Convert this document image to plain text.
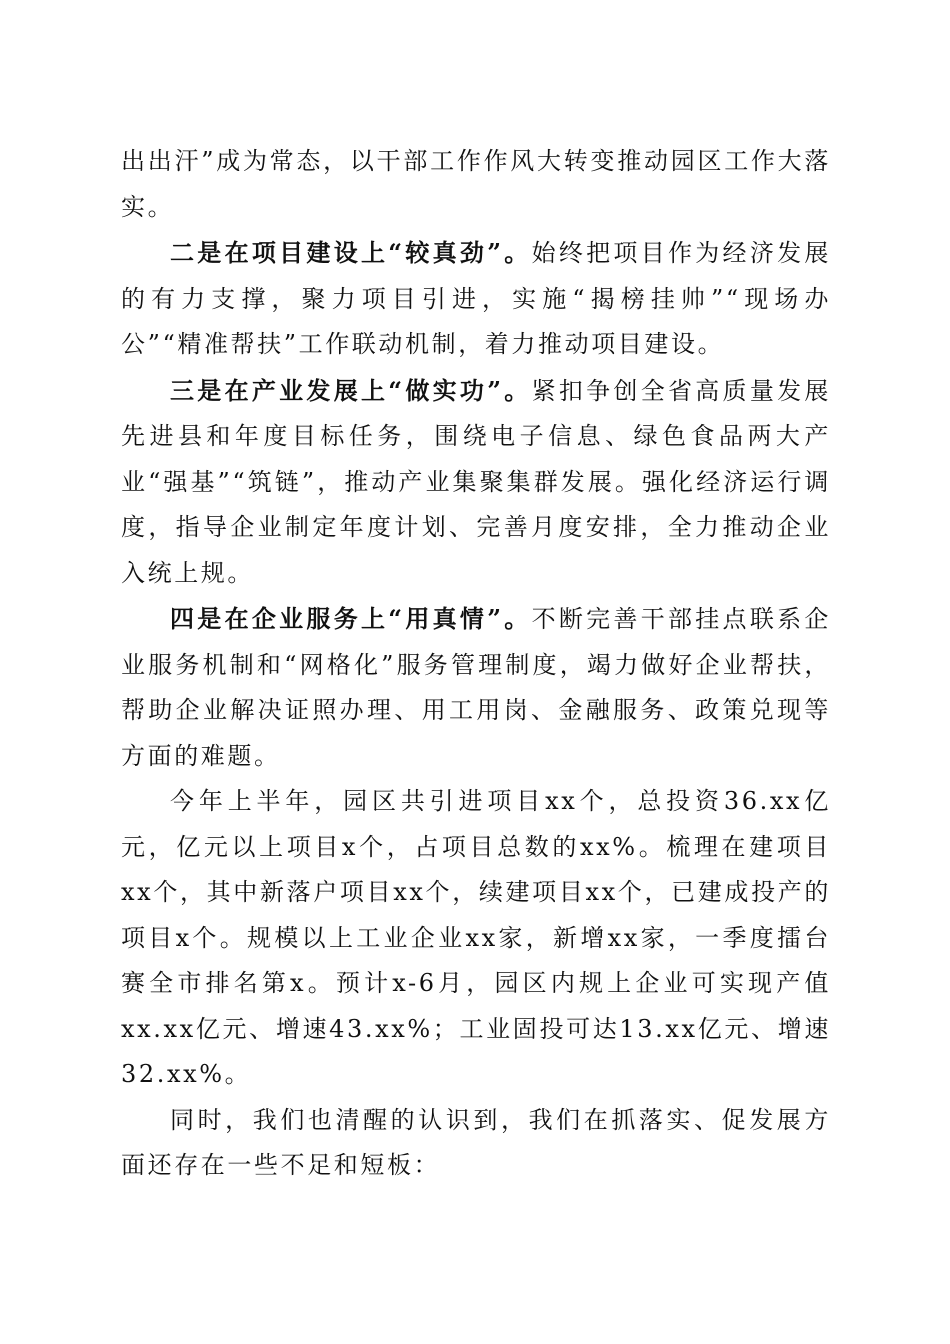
出出汗”成为常态，以干部工作作风大转变推动园区工作大落实。

二是在项目建设上“较真劲”。始终把项目作为经济发展的有力支撑，聚力项目引进，实施“揭榜挂帅”“现场办公”“精准帮扶”工作联动机制，着力推动项目建设。

三是在产业发展上“做实功”。紧扣争创全省高质量发展先进县和年度目标任务，围绕电子信息、绿色食品两大产业“强基”“筑链”，推动产业集聚集群发展。强化经济运行调度，指导企业制定年度计划、完善月度安排，全力推动企业入统上规。

四是在企业服务上“用真情”。不断完善干部挂点联系企业服务机制和“网格化”服务管理制度，竭力做好企业帮扶，帮助企业解决证照办理、用工用岗、金融服务、政策兑现等方面的难题。

今年上半年，园区共引进项目xx个，总投资36.xx亿元，亿元以上项目x个，占项目总数的xx%。梳理在建项目xx个，其中新落户项目xx个，续建项目xx个，已建成投产的项目x个。规模以上工业企业xx家，新增xx家，一季度擂台赛全市排名第x。预计x-6月，园区内规上企业可实现产值xx.xx亿元、增速43.xx%；工业固投可达13.xx亿元、增速32.xx%。

同时，我们也清醒的认识到，我们在抓落实、促发展方面还存在一些不足和短板：
